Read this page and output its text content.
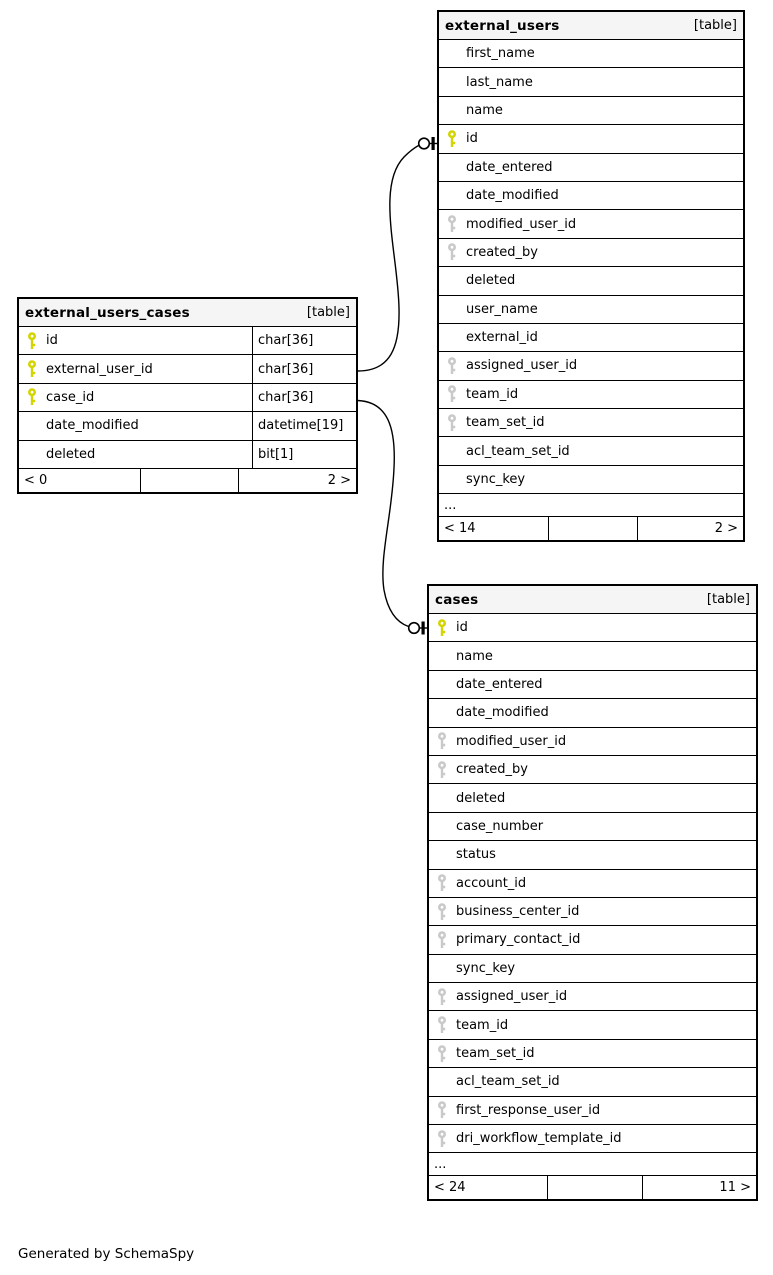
external_users	[table]
first_name
last_name
name
id
date_entered
date_modified
modified_user_id
created_by
deleted
user_name
external_id
assigned_user_id
team_id
team_set_id
acl_team_set_id
sync_key
...
< 14	2 >
external_users_cases	[table]
id	char[36]
external_user_id	char[36]
case_id	char[36]
date_modified	datetime[19]
deleted	bit[1]
< 0	2 >
cases	[table]
id
name
date_entered
date_modified
modified_user_id
created_by
deleted
case_number
status
account_id
business_center_id
primary_contact_id
sync_key
assigned_user_id
team_id
team_set_id
acl_team_set_id
first_response_user_id
dri_workflow_template_id
...
< 24	11 >
Generated by SchemaSpy
